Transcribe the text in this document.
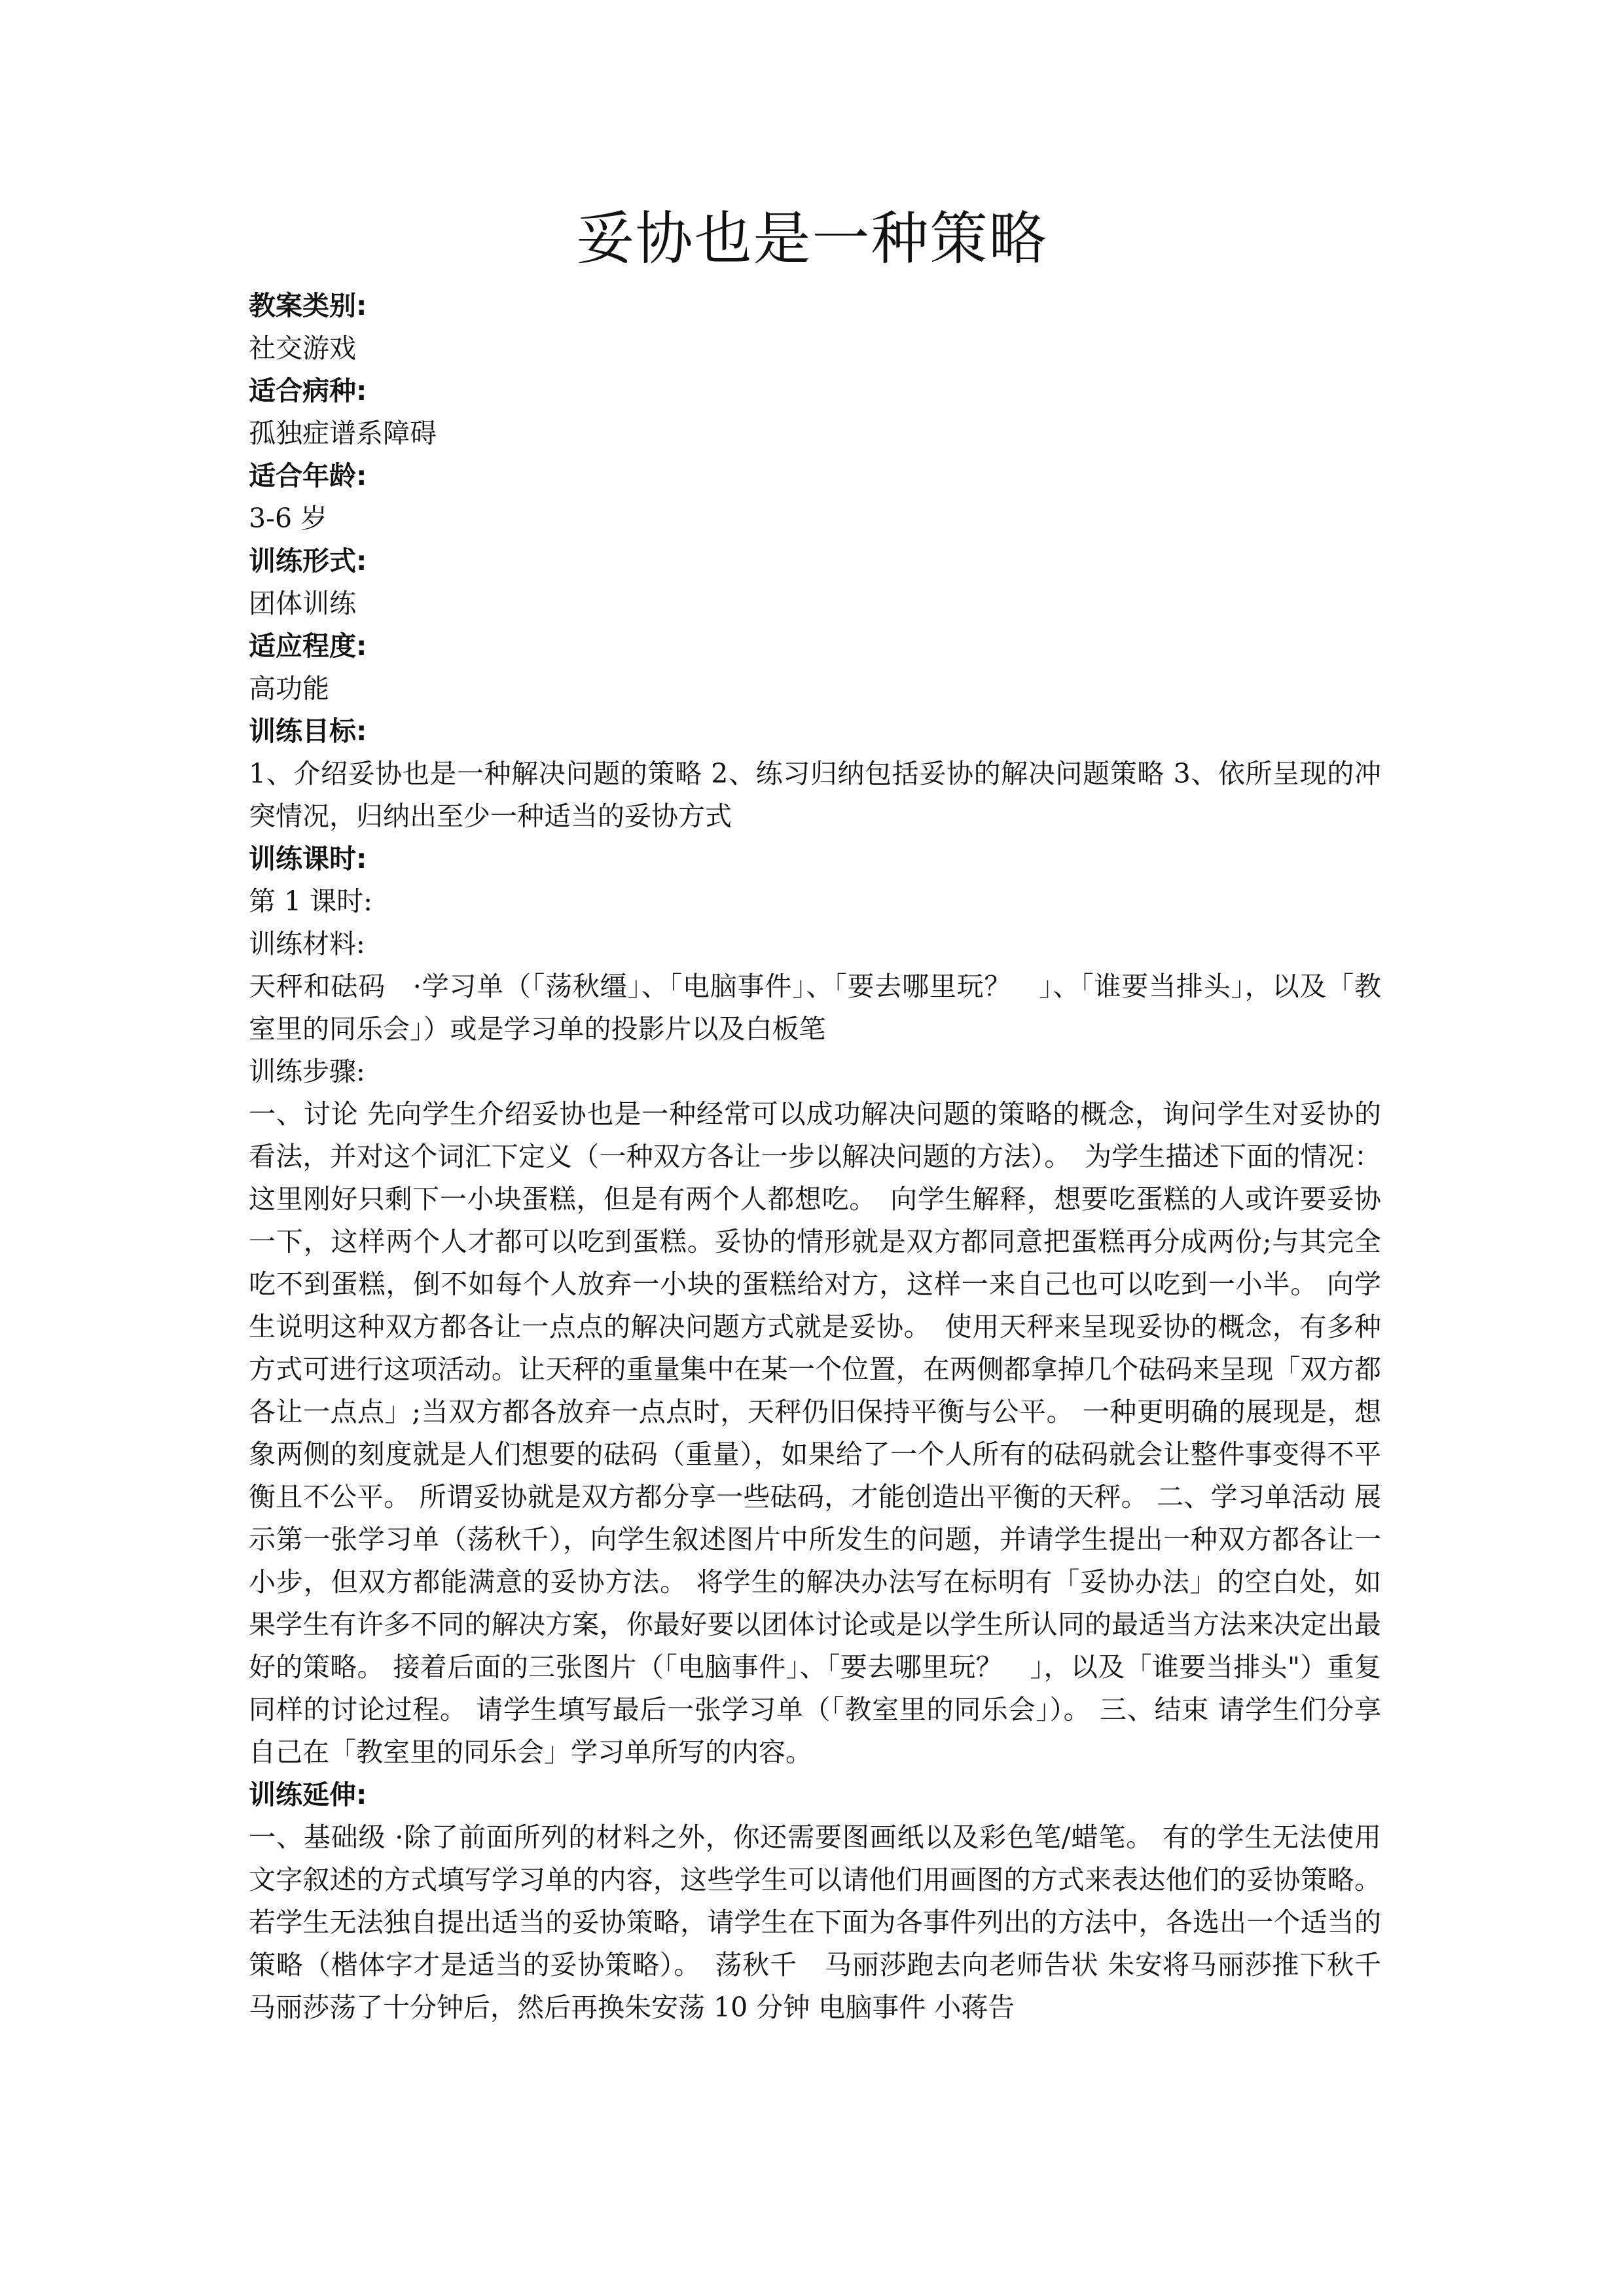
妥协也是一种策略

教案类别:

社交游戏

适合病种:

孤独症谱系障碍

适合年龄:

3-6 岁

训练形式:

团体训练

适应程度:

高功能

训练目标:

1、介绍妥协也是一种解决问题的策略 2、练习归纳包括妥协的解决问题策略 3、依所呈现的冲突情况，归纳出至少一种适当的妥协方式

训练课时:

第 1 课时:

训练材料:

天秤和砝码　·学习单（「荡秋缰」、「电脑事件」、「要去哪里玩？　」、「谁要当排头」，以及「教室里的同乐会」）或是学习单的投影片以及白板笔

训练步骤:

一、讨论 先向学生介绍妥协也是一种经常可以成功解决问题的策略的概念，询问学生对妥协的看法，并对这个词汇下定义（一种双方各让一步以解决问题的方法）。　为学生描述下面的情况：这里刚好只剩下一小块蛋糕，但是有两个人都想吃。　向学生解释，想要吃蛋糕的人或许要妥协一下，这样两个人才都可以吃到蛋糕。妥协的情形就是双方都同意把蛋糕再分成两份;与其完全吃不到蛋糕，倒不如每个人放弃一小块的蛋糕给对方，这样一来自己也可以吃到一小半。 向学生说明这种双方都各让一点点的解决问题方式就是妥协。　使用天秤来呈现妥协的概念，有多种方式可进行这项活动。让天秤的重量集中在某一个位置，在两侧都拿掉几个砝码来呈现「双方都各让一点点」;当双方都各放弃一点点时，天秤仍旧保持平衡与公平。 一种更明确的展现是，想象两侧的刻度就是人们想要的砝码（重量），如果给了一个人所有的砝码就会让整件事变得不平衡且不公平。 所谓妥协就是双方都分享一些砝码，才能创造出平衡的天秤。 二、学习单活动 展示第一张学习单（荡秋千），向学生叙述图片中所发生的问题，并请学生提出一种双方都各让一小步，但双方都能满意的妥协方法。 将学生的解决办法写在标明有「妥协办法」的空白处，如果学生有许多不同的解决方案，你最好要以团体讨论或是以学生所认同的最适当方法来决定出最好的策略。 接着后面的三张图片（「电脑事件」、「要去哪里玩？　」，以及「谁要当排头"）重复同样的讨论过程。 请学生填写最后一张学习单（「教室里的同乐会」）。 三、结束 请学生们分享自己在「教室里的同乐会」学习单所写的内容。

训练延伸:

一、基础级 ·除了前面所列的材料之外，你还需要图画纸以及彩色笔/蜡笔。 有的学生无法使用文字叙述的方式填写学习单的内容，这些学生可以请他们用画图的方式来表达他们的妥协策略。 若学生无法独自提出适当的妥协策略，请学生在下面为各事件列出的方法中，各选出一个适当的策略（楷体字才是适当的妥协策略）。　荡秋千　马丽莎跑去向老师告状 朱安将马丽莎推下秋千 马丽莎荡了十分钟后，然后再换朱安荡 10 分钟 电脑事件 小蒋告
